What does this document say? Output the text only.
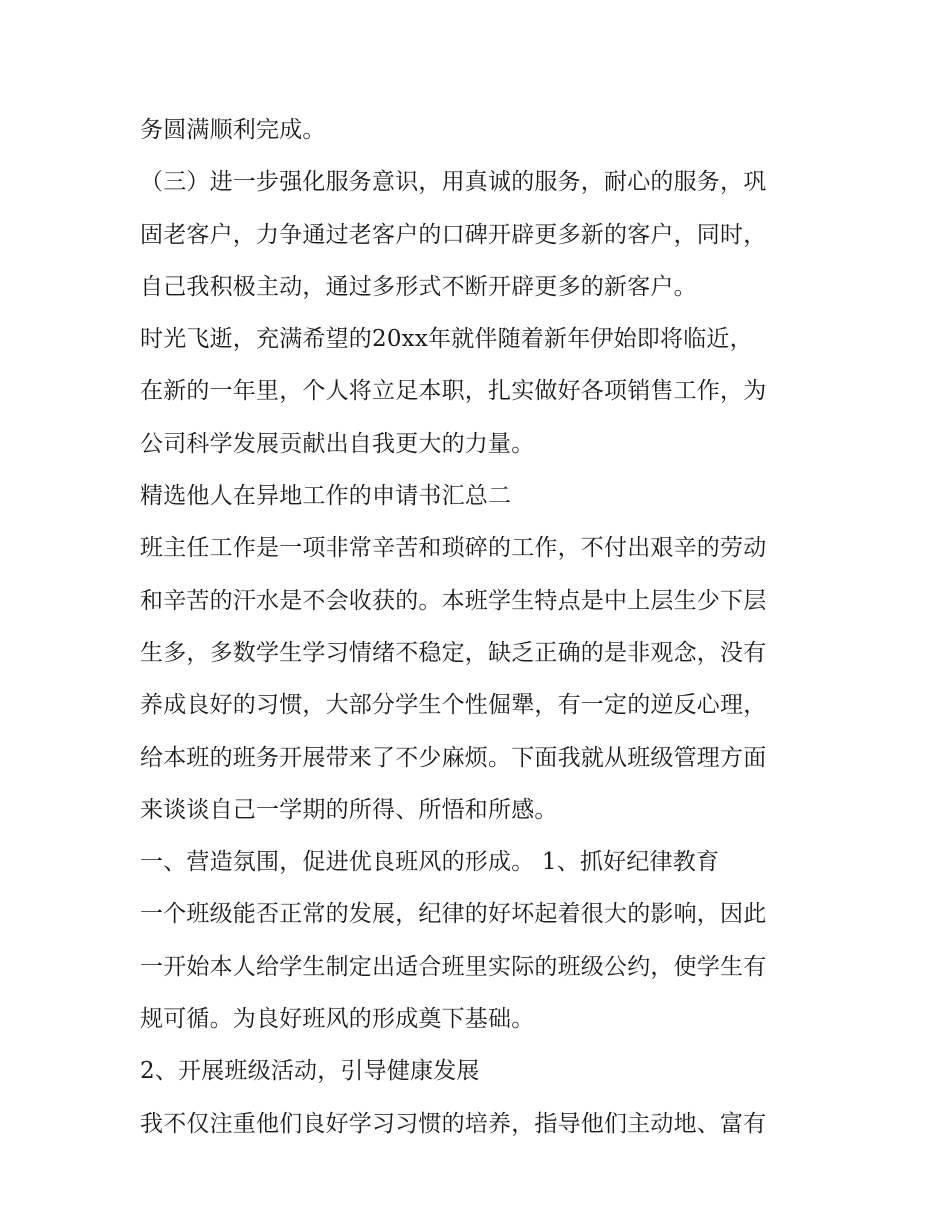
务圆满顺利完成。
（三）进一步强化服务意识，用真诚的服务，耐心的服务，巩
固老客户，力争通过老客户的口碑开辟更多新的客户，同时，
自己我积极主动，通过多形式不断开辟更多的新客户。
时光飞逝，充满希望的20xx年就伴随着新年伊始即将临近，
在新的一年里，个人将立足本职，扎实做好各项销售工作，为
公司科学发展贡献出自我更大的力量。
精选他人在异地工作的申请书汇总二
班主任工作是一项非常辛苦和琐碎的工作，不付出艰辛的劳动
和辛苦的汗水是不会收获的。本班学生特点是中上层生少下层
生多，多数学生学习情绪不稳定，缺乏正确的是非观念，没有
养成良好的习惯，大部分学生个性倔犟，有一定的逆反心理，
给本班的班务开展带来了不少麻烦。下面我就从班级管理方面
来谈谈自己一学期的所得、所悟和所感。
一、营造氛围，促进优良班风的形成。 1、抓好纪律教育
一个班级能否正常的发展，纪律的好坏起着很大的影响，因此
一开始本人给学生制定出适合班里实际的班级公约，使学生有
规可循。为良好班风的形成奠下基础。
2、开展班级活动，引导健康发展
我不仅注重他们良好学习习惯的培养，指导他们主动地、富有
